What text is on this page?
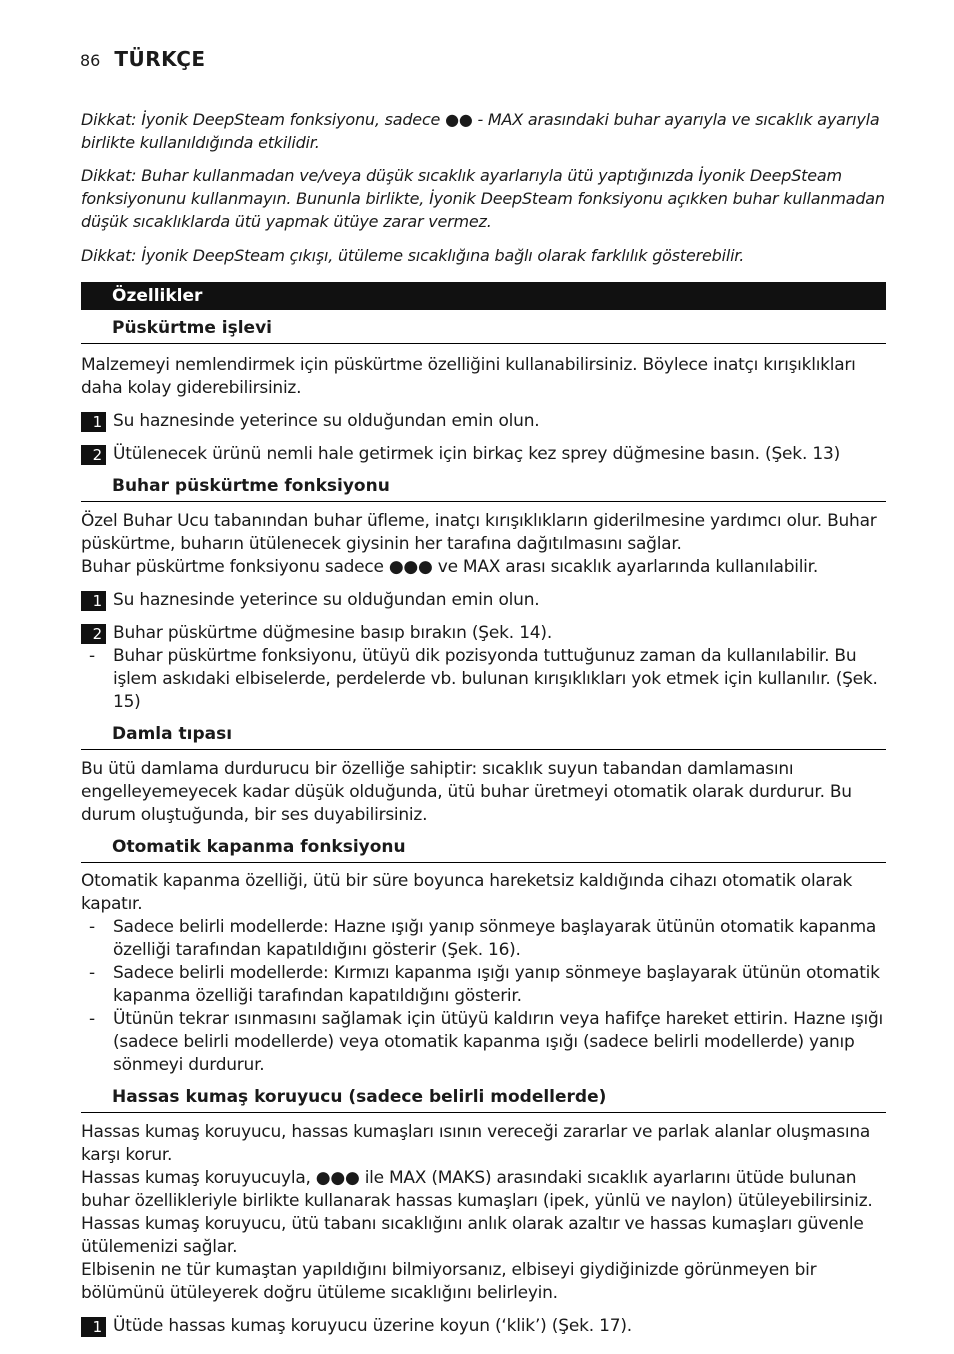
86 TÜRKÇE

Dikkat: İyonik DeepSteam fonksiyonu, sadece ●● - MAX arasındaki buhar ayarıyla ve sıcaklık ayarıyla birlikte kullanıldığında etkilidir.

Dikkat: Buhar kullanmadan ve/veya düşük sıcaklık ayarlarıyla ütü yaptığınızda İyonik DeepSteam fonksiyonunu kullanmayın. Bununla birlikte, İyonik DeepSteam fonksiyonu açıkken buhar kullanmadan düşük sıcaklıklarda ütü yapmak ütüye zarar vermez.

Dikkat: İyonik DeepSteam çıkışı, ütüleme sıcaklığına bağlı olarak farklılık gösterebilir.

Özellikler
Püskürtme işlevi

Malzemeyi nemlendirmek için püskürtme özelliğini kullanabilirsiniz. Böylece inatçı kırışıklıkları daha kolay giderebilirsiniz.

1 Su haznesinde yeterince su olduğundan emin olun.
2 Ütülenecek ürünü nemli hale getirmek için birkaç kez sprey düğmesine basın. (Şek. 13)
Buhar püskürtme fonksiyonu

Özel Buhar Ucu tabanından buhar üfleme, inatçı kırışıklıkların giderilmesine yardımcı olur. Buhar püskürtme, buharın ütülenecek giysinin her tarafına dağıtılmasını sağlar.
Buhar püskürtme fonksiyonu sadece ●●● ve MAX arası sıcaklık ayarlarında kullanılabilir.

1 Su haznesinde yeterince su olduğundan emin olun.
2 Buhar püskürtme düğmesine basıp bırakın (Şek. 14).
- Buhar püskürtme fonksiyonu, ütüyü dik pozisyonda tuttuğunuz zaman da kullanılabilir. Bu işlem askıdaki elbiselerde, perdelerde vb. bulunan kırışıklıkları yok etmek için kullanılır. (Şek. 15)
Damla tıpası

Bu ütü damlama durdurucu bir özelliğe sahiptir: sıcaklık suyun tabandan damlamasını engelleyemeyecek kadar düşük olduğunda, ütü buhar üretmeyi otomatik olarak durdurur. Bu durum oluştuğunda, bir ses duyabilirsiniz.

Otomatik kapanma fonksiyonu

Otomatik kapanma özelliği, ütü bir süre boyunca hareketsiz kaldığında cihazı otomatik olarak kapatır.

- Sadece belirli modellerde: Hazne ışığı yanıp sönmeye başlayarak ütünün otomatik kapanma özelliği tarafından kapatıldığını gösterir (Şek. 16).
- Sadece belirli modellerde: Kırmızı kapanma ışığı yanıp sönmeye başlayarak ütünün otomatik kapanma özelliği tarafından kapatıldığını gösterir.
- Ütünün tekrar ısınmasını sağlamak için ütüyü kaldırın veya hafifçe hareket ettirin. Hazne ışığı (sadece belirli modellerde) veya otomatik kapanma ışığı (sadece belirli modellerde) yanıp sönmeyi durdurur.
Hassas kumaş koruyucu (sadece belirli modellerde)

Hassas kumaş koruyucu, hassas kumaşları ısının vereceği zararlar ve parlak alanlar oluşmasına karşı korur.
Hassas kumaş koruyucuyla, ●●● ile MAX (MAKS) arasındaki sıcaklık ayarlarını ütüde bulunan buhar özellikleriyle birlikte kullanarak hassas kumaşları (ipek, yünlü ve naylon) ütüleyebilirsiniz.
Hassas kumaş koruyucu, ütü tabanı sıcaklığını anlık olarak azaltır ve hassas kumaşları güvenle ütülemenizi sağlar.
Elbisenin ne tür kumaştan yapıldığını bilmiyorsanız, elbiseyi giydiğinizde görünmeyen bir bölümünü ütüleyerek doğru ütüleme sıcaklığını belirleyin.

1 Ütüde hassas kumaş koruyucu üzerine koyun (‘klik’) (Şek. 17).
